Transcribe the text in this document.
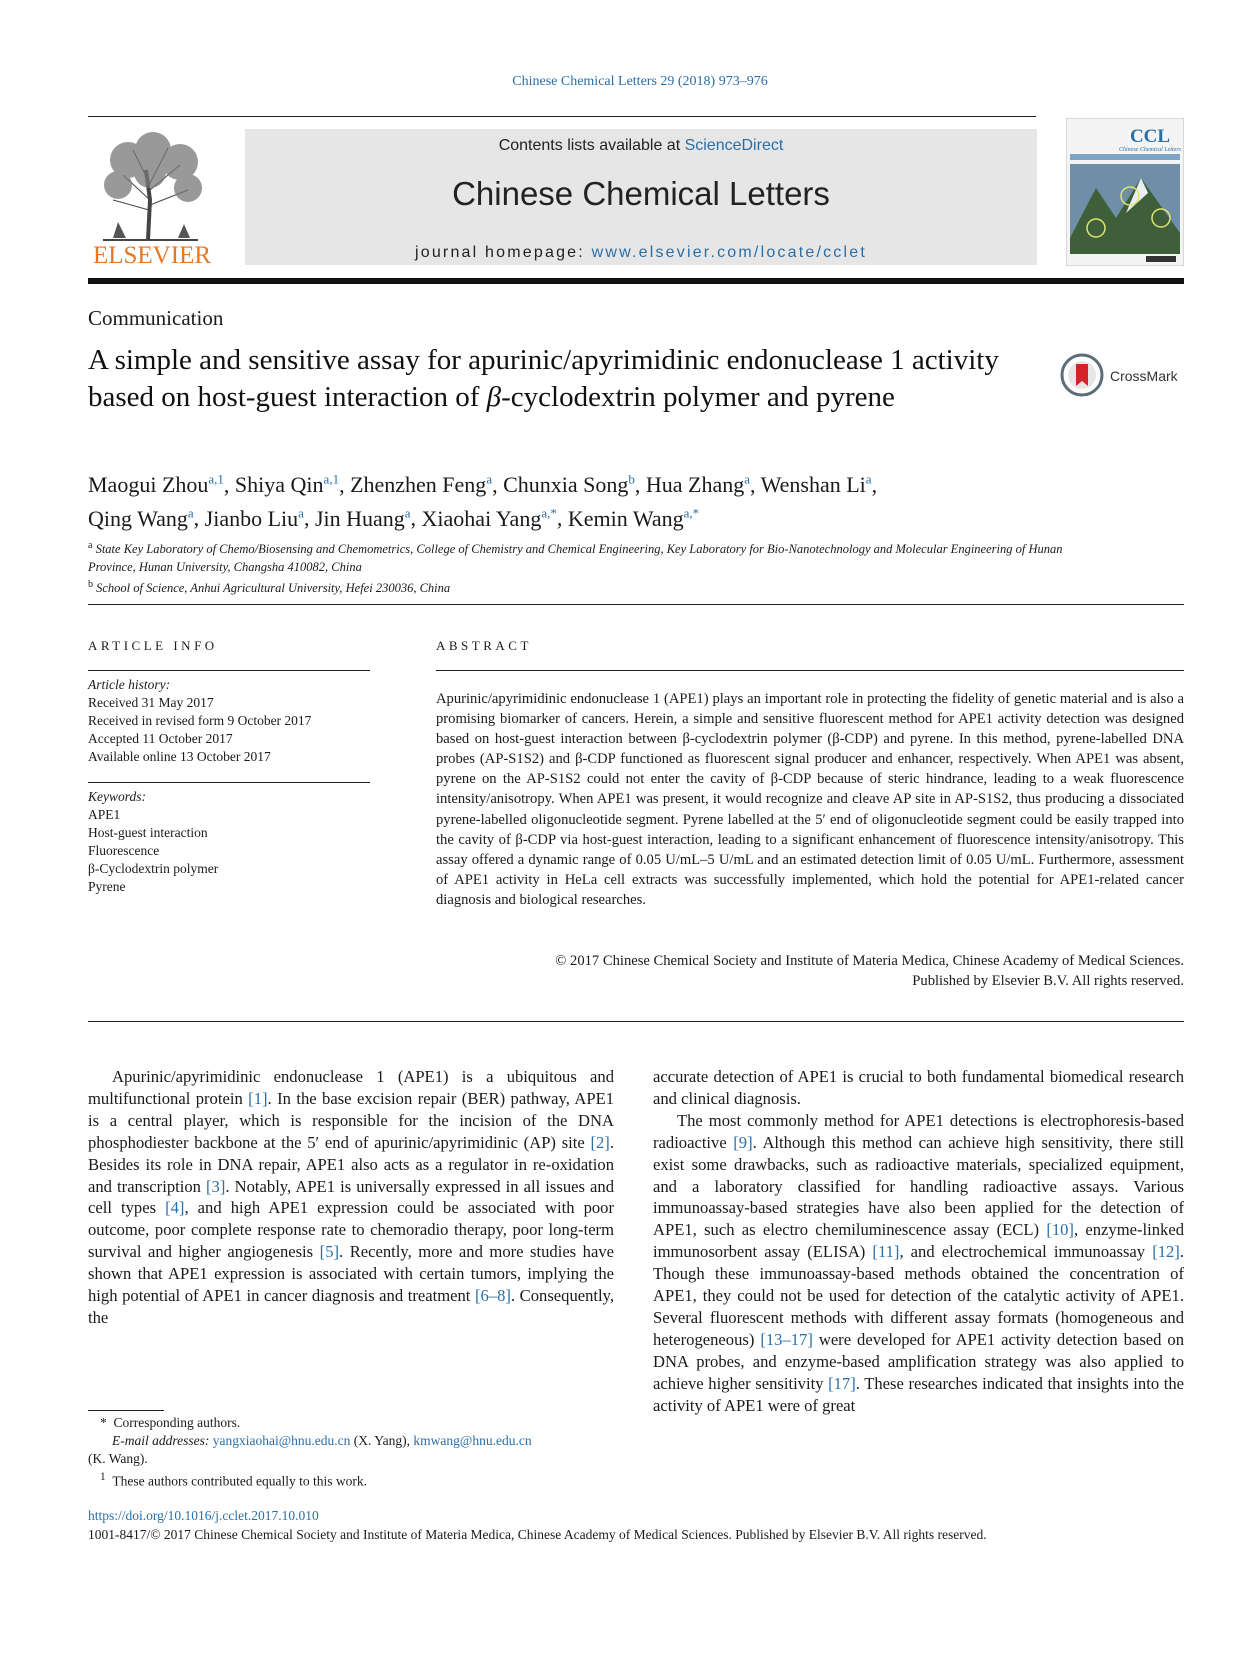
Chinese Chemical Letters 29 (2018) 973–976
ELSEVIER
Contents lists available at ScienceDirect
Chinese Chemical Letters
journal homepage: www.elsevier.com/locate/cclet
CCL
Chinese Chemical Letters
Communication
A simple and sensitive assay for apurinic/apyrimidinic endonuclease 1 activity based on host-guest interaction of β-cyclodextrin polymer and pyrene
CrossMark
Maogui Zhou$^{a,1}$, Shiya Qin$^{a,1}$, Zhenzhen Feng$^a$, Chunxia Song$^b$, Hua Zhang$^a$, Wenshan Li$^a$,
Qing Wang$^a$, Jianbo Liu$^a$, Jin Huang$^a$, Xiaohai Yang$^{a,*}$, Kemin Wang$^{a,*}$
$^a$ State Key Laboratory of Chemo/Biosensing and Chemometrics, College of Chemistry and Chemical Engineering, Key Laboratory for Bio-Nanotechnology and Molecular Engineering of Hunan Province, Hunan University, Changsha 410082, China
$^b$ School of Science, Anhui Agricultural University, Hefei 230036, China
ARTICLE INFO	ABSTRACT
Article history:
Received 31 May 2017
Received in revised form 9 October 2017
Accepted 11 October 2017
Available online 13 October 2017
Keywords:
APE1
Host-guest interaction
Fluorescence
β-Cyclodextrin polymer
Pyrene
Apurinic/apyrimidinic endonuclease 1 (APE1) plays an important role in protecting the fidelity of genetic material and is also a promising biomarker of cancers. Herein, a simple and sensitive fluorescent method for APE1 activity detection was designed based on host-guest interaction between β-cyclodextrin polymer (β-CDP) and pyrene. In this method, pyrene-labelled DNA probes (AP-S1S2) and β-CDP functioned as fluorescent signal producer and enhancer, respectively. When APE1 was absent, pyrene on the AP-S1S2 could not enter the cavity of β-CDP because of steric hindrance, leading to a weak fluorescence intensity/anisotropy. When APE1 was present, it would recognize and cleave AP site in AP-S1S2, thus producing a dissociated pyrene-labelled oligonucleotide segment. Pyrene labelled at the 5′ end of oligonucleotide segment could be easily trapped into the cavity of β-CDP via host-guest interaction, leading to a significant enhancement of fluorescence intensity/anisotropy. This assay offered a dynamic range of 0.05 U/mL–5 U/mL and an estimated detection limit of 0.05 U/mL. Furthermore, assessment of APE1 activity in HeLa cell extracts was successfully implemented, which hold the potential for APE1-related cancer diagnosis and biological researches.
© 2017 Chinese Chemical Society and Institute of Materia Medica, Chinese Academy of Medical Sciences.
Published by Elsevier B.V. All rights reserved.

Apurinic/apyrimidinic endonuclease 1 (APE1) is a ubiquitous and multifunctional protein [1]. In the base excision repair (BER) pathway, APE1 is a central player, which is responsible for the incision of the DNA phosphodiester backbone at the 5′ end of apurinic/apyrimidinic (AP) site [2]. Besides its role in DNA repair, APE1 also acts as a regulator in re-oxidation and transcription [3]. Notably, APE1 is universally expressed in all issues and cell types [4], and high APE1 expression could be associated with poor outcome, poor complete response rate to chemoradio therapy, poor long-term survival and higher angiogenesis [5]. Recently, more and more studies have shown that APE1 expression is associated with certain tumors, implying the high potential of APE1 in cancer diagnosis and treatment [6–8]. Consequently, the

accurate detection of APE1 is crucial to both fundamental biomedical research and clinical diagnosis.

The most commonly method for APE1 detections is electrophoresis-based radioactive [9]. Although this method can achieve high sensitivity, there still exist some drawbacks, such as radioactive materials, specialized equipment, and a laboratory classified for handling radioactive assays. Various immunoassay-based strategies have also been applied for the detection of APE1, such as electro chemiluminescence assay (ECL) [10], enzyme-linked immunosorbent assay (ELISA) [11], and electrochemical immunoassay [12]. Though these immunoassay-based methods obtained the concentration of APE1, they could not be used for detection of the catalytic activity of APE1. Several fluorescent methods with different assay formats (homogeneous and heterogeneous) [13–17] were developed for APE1 activity detection based on DNA probes, and enzyme-based amplification strategy was also applied to achieve higher sensitivity [17]. These researches indicated that insights into the activity of APE1 were of great

*  Corresponding authors.
E-mail addresses: yangxiaohai@hnu.edu.cn (X. Yang), kmwang@hnu.edu.cn
(K. Wang).
$^1$ These authors contributed equally to this work.
https://doi.org/10.1016/j.cclet.2017.10.010
1001-8417/© 2017 Chinese Chemical Society and Institute of Materia Medica, Chinese Academy of Medical Sciences. Published by Elsevier B.V. All rights reserved.
